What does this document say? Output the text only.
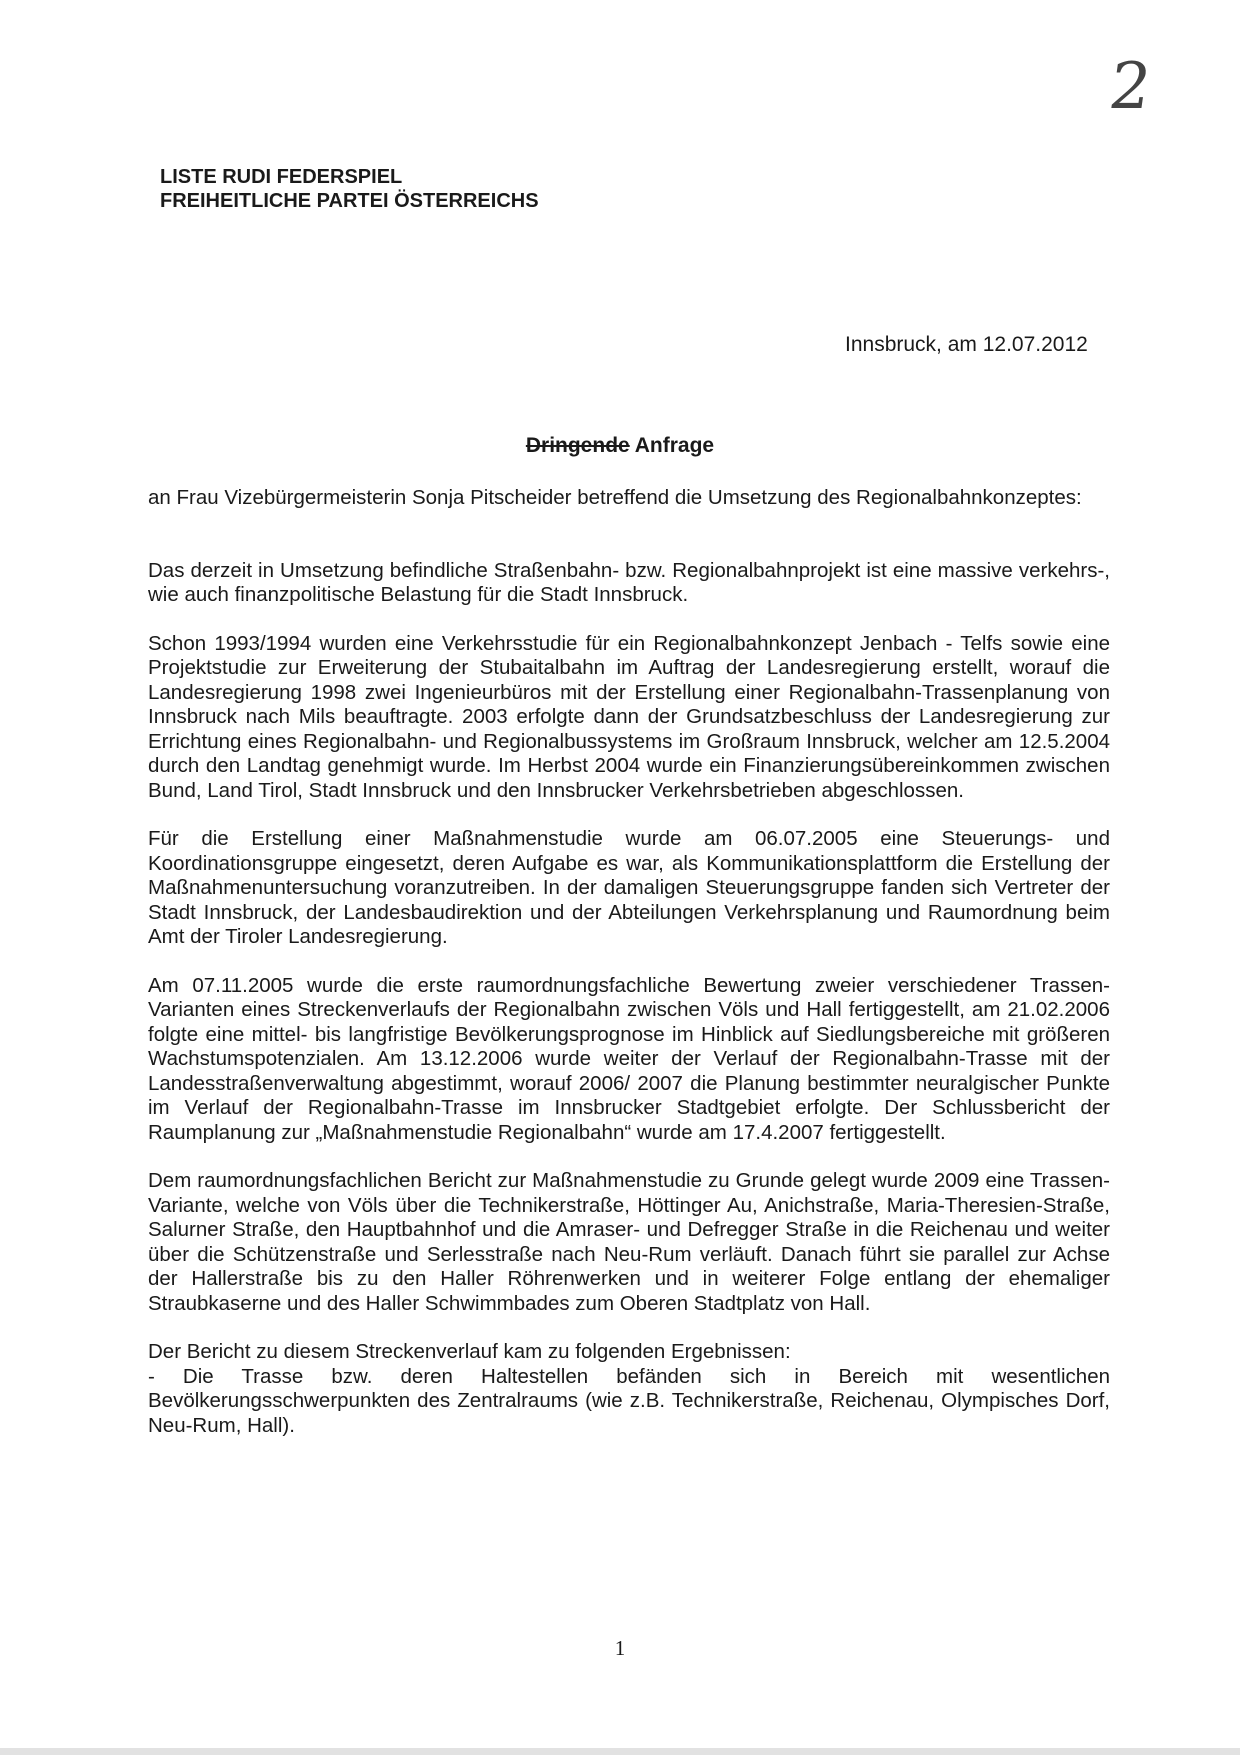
2
LISTE RUDI FEDERSPIEL
FREIHEITLICHE PARTEI ÖSTERREICHS
Innsbruck, am 12.07.2012
Dringende Anfrage

an Frau Vizebürgermeisterin Sonja Pitscheider betreffend die Umsetzung des Regionalbahnkonzeptes:

Das derzeit in Umsetzung befindliche Straßenbahn- bzw. Regionalbahnprojekt ist eine massive verkehrs-, wie auch finanzpolitische Belastung für die Stadt Innsbruck.

Schon 1993/1994 wurden eine Verkehrsstudie für ein Regionalbahnkonzept Jenbach - Telfs sowie eine Projektstudie zur Erweiterung der Stubaitalbahn im Auftrag der Landesregierung erstellt, worauf die Landesregierung 1998 zwei Ingenieurbüros mit der Erstellung einer Regionalbahn-Trassenplanung von Innsbruck nach Mils beauftragte. 2003 erfolgte dann der Grundsatzbeschluss der Landesregierung zur Errichtung eines Regionalbahn- und Regionalbussystems im Großraum Innsbruck, welcher am 12.5.2004 durch den Landtag genehmigt wurde. Im Herbst 2004 wurde ein Finanzierungsübereinkommen zwischen Bund, Land Tirol, Stadt Innsbruck und den Innsbrucker Verkehrsbetrieben abgeschlossen.

Für die Erstellung einer Maßnahmenstudie wurde am 06.07.2005 eine Steuerungs- und Koordinationsgruppe eingesetzt, deren Aufgabe es war, als Kommunikationsplattform die Erstellung der Maßnahmenuntersuchung voranzutreiben. In der damaligen Steuerungsgruppe fanden sich Vertreter der Stadt Innsbruck, der Landesbaudirektion und der Abteilungen Verkehrsplanung und Raumordnung beim Amt der Tiroler Landesregierung.

Am 07.11.2005 wurde die erste raumordnungsfachliche Bewertung zweier verschiedener Trassen-Varianten eines Streckenverlaufs der Regionalbahn zwischen Völs und Hall fertiggestellt, am 21.02.2006 folgte eine mittel- bis langfristige Bevölkerungsprognose im Hinblick auf Siedlungsbereiche mit größeren Wachstumspotenzialen. Am 13.12.2006 wurde weiter der Verlauf der Regionalbahn-Trasse mit der Landesstraßenverwaltung abgestimmt, worauf 2006/ 2007 die Planung bestimmter neuralgischer Punkte im Verlauf der Regionalbahn-Trasse im Innsbrucker Stadtgebiet erfolgte. Der Schlussbericht der Raumplanung zur „Maßnahmenstudie Regionalbahn“ wurde am 17.4.2007 fertiggestellt.

Dem raumordnungsfachlichen Bericht zur Maßnahmenstudie zu Grunde gelegt wurde 2009 eine Trassen-Variante, welche von Völs über die Technikerstraße, Höttinger Au, Anichstraße, Maria-Theresien-Straße, Salurner Straße, den Hauptbahnhof und die Amraser- und Defregger Straße in die Reichenau und weiter über die Schützenstraße und Serlesstraße nach Neu-Rum verläuft. Danach führt sie parallel zur Achse der Hallerstraße bis zu den Haller Röhrenwerken und in weiterer Folge entlang der ehemaliger Straubkaserne und des Haller Schwimmbades zum Oberen Stadtplatz von Hall.

Der Bericht zu diesem Streckenverlauf kam zu folgenden Ergebnissen:

- Die Trasse bzw. deren Haltestellen befänden sich in Bereich mit wesentlichen Bevölkerungsschwerpunkten des Zentralraums (wie z.B. Technikerstraße, Reichenau, Olympisches Dorf, Neu-Rum, Hall).

1
